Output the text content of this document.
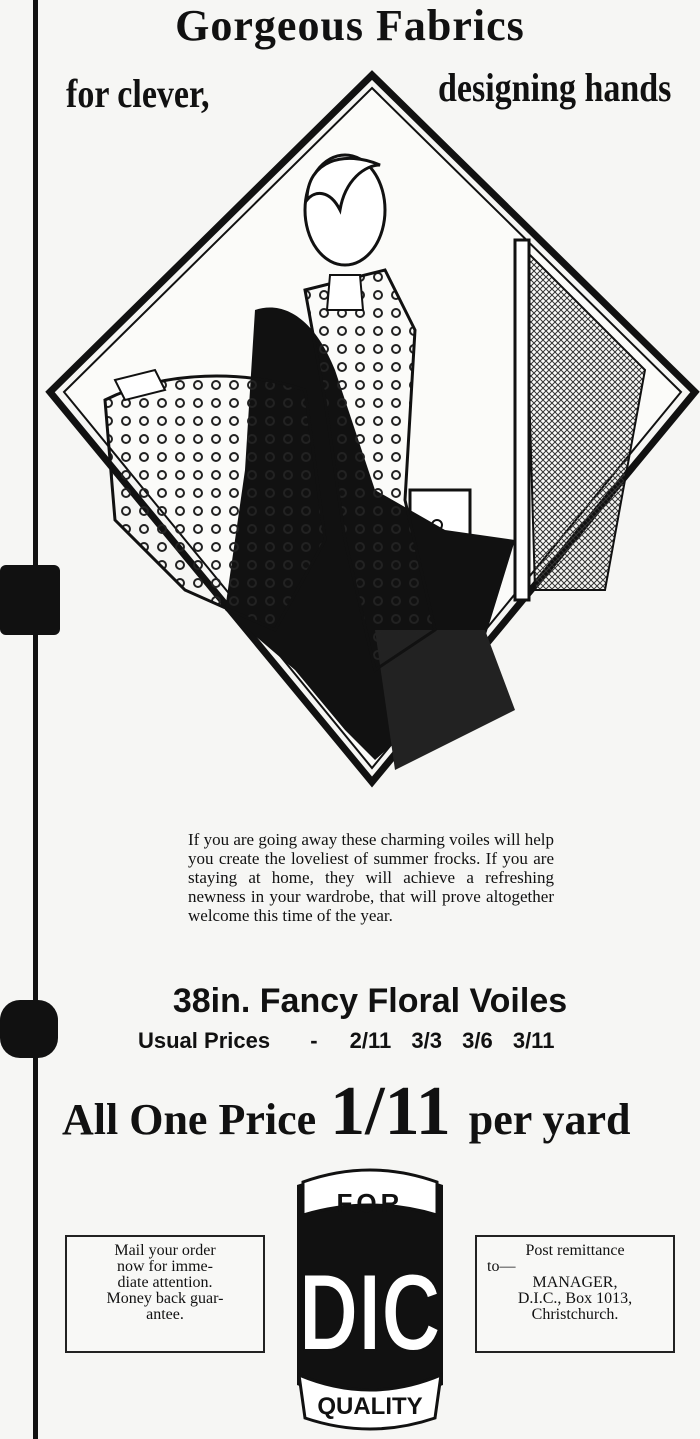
Gorgeous Fabrics
for clever,	designing hands
If you are going away these charming voiles will help you create the loveliest of summer frocks. If you are staying at home, they will achieve a refreshing newness in your wardrobe, that will prove altogether welcome this time of the year.
38in. Fancy Floral Voiles
Usual Prices - 2/11 3/3 3/6 3/11
All One Price 1/11 per yard
Mail your order
now for imme-
diate attention.
Money back guar-
antee.
Post remittance
to—
MANAGER,
D.I.C., Box 1013,
Christchurch.
FOR
DIC
QUALITY
